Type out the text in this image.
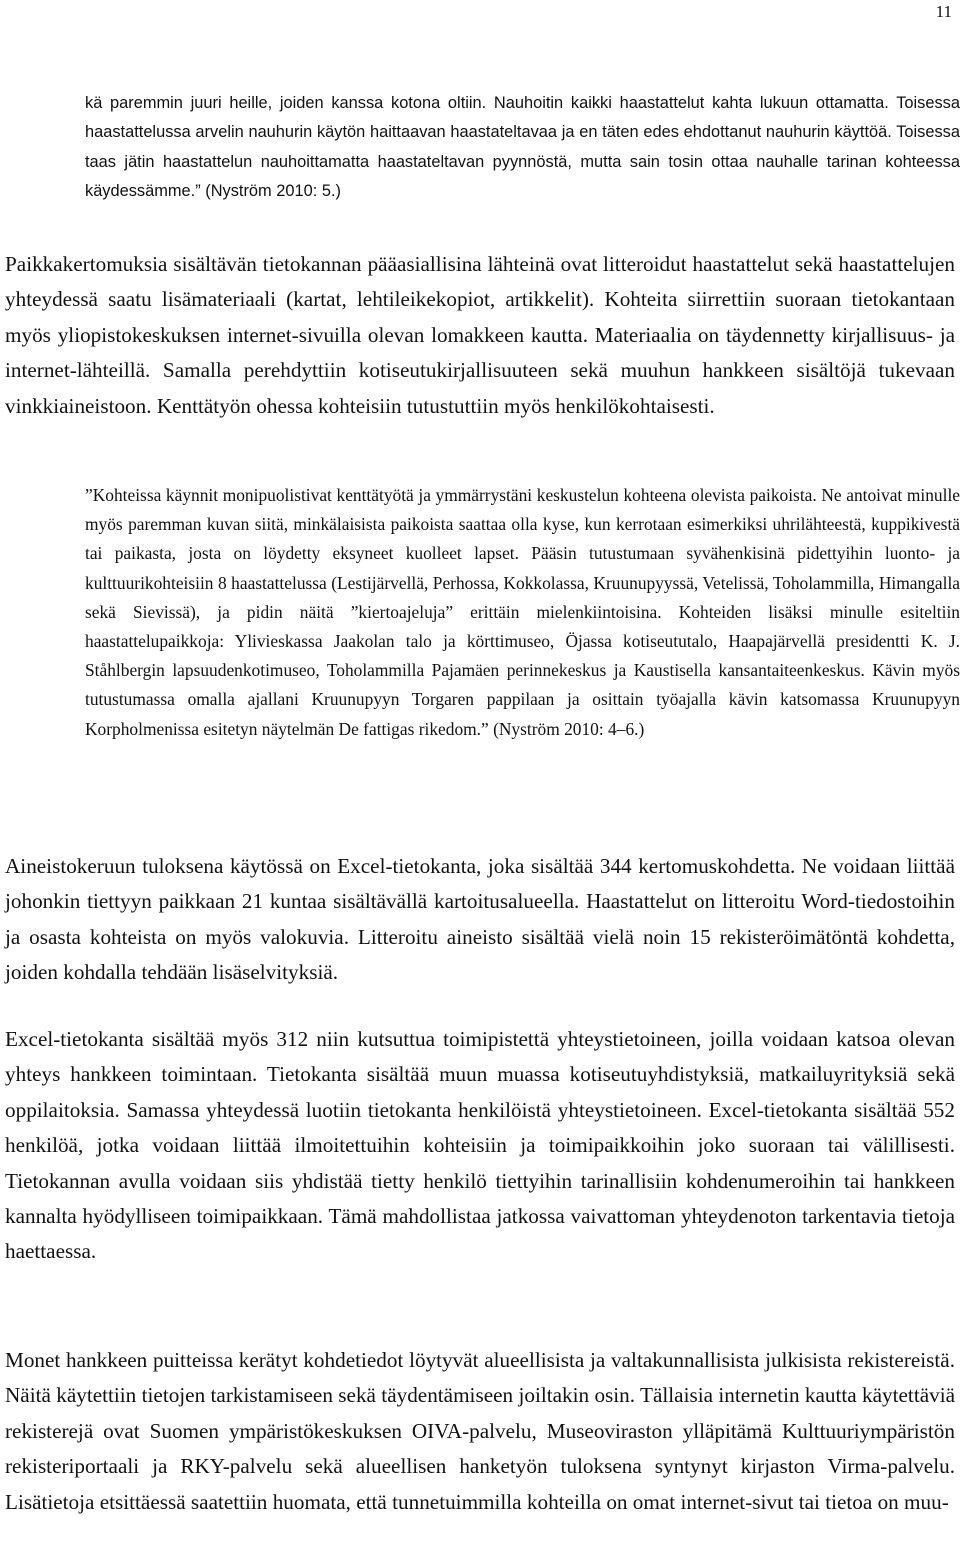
11

kä paremmin juuri heille, joiden kanssa kotona oltiin. Nauhoitin kaikki haastattelut kahta lukuun ottamatta. Toisessa haastattelussa arvelin nauhurin käytön haittaavan haastateltavaa ja en täten edes ehdottanut nauhurin käyttöä. Toisessa taas jätin haastattelun nauhoittamatta haastateltavan pyynnöstä, mutta sain tosin ottaa nauhalle tarinan kohteessa käydessämme.” (Nyström 2010: 5.)

Paikkakertomuksia sisältävän tietokannan pääasiallisina lähteinä ovat litteroidut haastattelut sekä haastattelujen yhteydessä saatu lisämateriaali (kartat, lehtileikekopiot, artikkelit). Kohteita siirrettiin suoraan tietokantaan myös yliopistokeskuksen internet-sivuilla olevan lomakkeen kautta. Materiaalia on täydennetty kirjallisuus- ja internet-lähteillä. Samalla perehdyttiin kotiseutukirjallisuuteen sekä muuhun hankkeen sisältöjä tukevaan vinkkiaineistoon. Kenttätyön ohessa kohteisiin tutustuttiin myös henkilökohtaisesti.

”Kohteissa käynnit monipuolistivat kenttätyötä ja ymmärrystäni keskustelun kohteena olevista paikoista. Ne antoivat minulle myös paremman kuvan siitä, minkälaisista paikoista saattaa olla kyse, kun kerrotaan esimerkiksi uhrilähteestä, kuppikivestä tai paikasta, josta on löydetty eksyneet kuolleet lapset. Pääsin tutustumaan syvähenkisinä pidettyihin luonto- ja kulttuurikohteisiin 8 haastattelussa (Lestijärvellä, Perhossa, Kokkolassa, Kruunupyyssä, Vetelissä, Toholammilla, Himangalla sekä Sievissä), ja pidin näitä ”kiertoajeluja” erittäin mielenkiintoisina. Kohteiden lisäksi minulle esiteltiin haastattelupaikkoja: Ylivieskassa Jaakolan talo ja körttimuseo, Öjassa kotiseututalo, Haapajärvellä presidentti K. J. Ståhlbergin lapsuudenkotimuseo, Toholammilla Pajamäen perinnekeskus ja Kaustisella kansantaiteenkeskus. Kävin myös tutustumassa omalla ajallani Kruunupyyn Torgaren pappilaan ja osittain työajalla kävin katsomassa Kruunupyyn Korpholmenissa esitetyn näytelmän De fattigas rikedom.” (Nyström 2010: 4–6.)

Aineistokeruun tuloksena käytössä on Excel-tietokanta, joka sisältää 344 kertomuskohdetta. Ne voidaan liittää johonkin tiettyyn paikkaan 21 kuntaa sisältävällä kartoitusalueella. Haastattelut on litteroitu Word-tiedostoihin ja osasta kohteista on myös valokuvia. Litteroitu aineisto sisältää vielä noin 15 rekisteröimätöntä kohdetta, joiden kohdalla tehdään lisäselvityksiä.

Excel-tietokanta sisältää myös 312 niin kutsuttua toimipistettä yhteystietoineen, joilla voidaan katsoa olevan yhteys hankkeen toimintaan. Tietokanta sisältää muun muassa kotiseutuyhdistyksiä, matkailuyrityksiä sekä oppilaitoksia. Samassa yhteydessä luotiin tietokanta henkilöistä yhteystietoineen. Excel-tietokanta sisältää 552 henkilöä, jotka voidaan liittää ilmoitettuihin kohteisiin ja toimipaikkoihin joko suoraan tai välillisesti. Tietokannan avulla voidaan siis yhdistää tietty henkilö tiettyihin tarinallisiin kohdenumeroihin tai hankkeen kannalta hyödylliseen toimipaikkaan. Tämä mahdollistaa jatkossa vaivattoman yhteydenoton tarkentavia tietoja haettaessa.

Monet hankkeen puitteissa kerätyt kohdetiedot löytyvät alueellisista ja valtakunnallisista julkisista rekistereistä. Näitä käytettiin tietojen tarkistamiseen sekä täydentämiseen joiltakin osin. Tällaisia internetin kautta käytettäviä rekisterejä ovat Suomen ympäristökeskuksen OIVA-palvelu, Museoviraston ylläpitämä Kulttuuriympäristön rekisteriportaali ja RKY-palvelu sekä alueellisen hanketyön tuloksena syntynyt kirjaston Virma-palvelu. Lisätietoja etsittäessä saatettiin huomata, että tunnetuimmilla kohteilla on omat internet-sivut tai tietoa on muu-
